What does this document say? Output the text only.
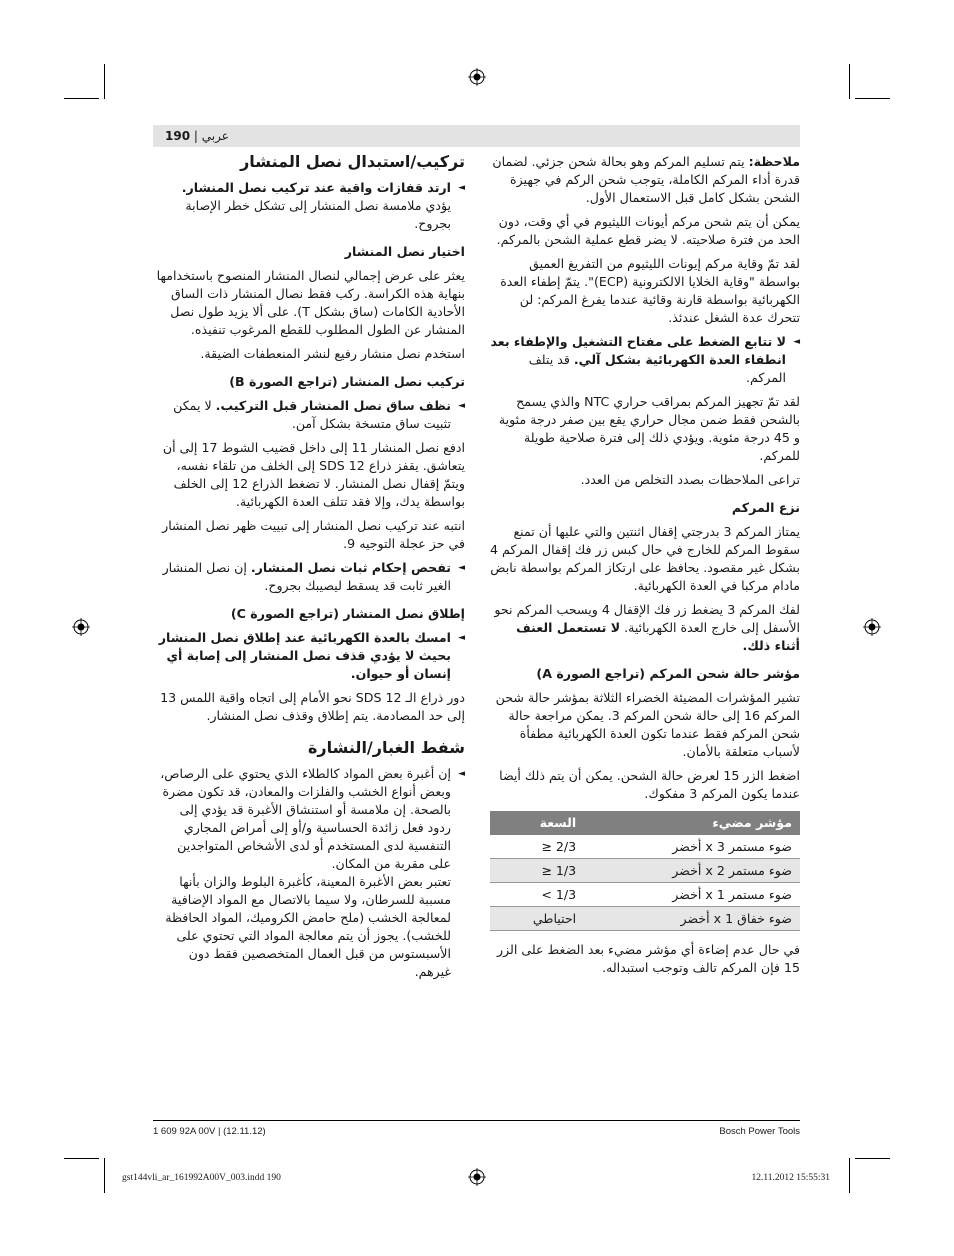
190 | عربي

ملاحظة: يتم تسليم المركم وهو بحالة شحن جزئي. لضمان قدرة أداء المركم الكاملة، يتوجب شحن الركم في جهيزة الشحن بشكل كامل قبل الاستعمال الأول.

يمكن أن يتم شحن مركم أيونات الليثيوم في أي وقت، دون الحد من فترة صلاحيته. لا يضر قطع عملية الشحن بالمركم.

لقد تمّ وقاية مركم إيونات الليثيوم من التفريغ العميق بواسطة "وقاية الخلايا الالكترونية (ECP)". يتمّ إطفاء العدة الكهربائية بواسطة قارنة وقائية عندما يفرغ المركم: لن تتحرك عدة الشغل عندئذ.

◄ لا تتابع الضغط على مفتاح التشغيل والإطفاء بعد انطفاء العدة الكهربائية بشكل آلي. قد يتلف المركم.

لقد تمّ تجهيز المركم بمراقب حراري NTC والذي يسمح بالشحن فقط ضمن مجال حراري يقع بين صفر درجة مئوية و 45 درجة مئوية. ويؤدي ذلك إلى فترة صلاحية طويلة للمركم.

تراعى الملاحظات بصدد التخلص من العدد.

نزع المركم

يمتاز المركم 3 بدرجتي إقفال اثنتين والتي عليها أن تمنع سقوط المركم للخارج في حال كبس زر فك إقفال المركم 4 بشكل غير مقصود. يحافظ على ارتكاز المركم بواسطة نابض مادام مركبا في العدة الكهربائية.

لفك المركم 3 يضغط زر فك الإقفال 4 ويسحب المركم نحو الأسفل إلى خارج العدة الكهربائية. لا تستعمل العنف أثناء ذلك.

مؤشر حالة شحن المركم (تراجع الصورة A)

تشير المؤشرات المضيئة الخضراء الثلاثة بمؤشر حالة شحن المركم 16 إلى حالة شحن المركم 3. يمكن مراجعة حالة شحن المركم فقط عندما تكون العدة الكهربائية مطفأة لأسباب متعلقة بالأمان.

اضغط الزر 15 لعرض حالة الشحن. يمكن أن يتم ذلك أيضا عندما يكون المركم 3 مفكوك.

مؤشر مضيء	السعة
ضوء مستمر 3 x أخضر	≥ 2/3
ضوء مستمر 2 x أخضر	≥ 1/3
ضوء مستمر 1 x أخضر	< 1/3
ضوء خفاق 1 x أخضر	احتياطي

في حال عدم إضاءة أي مؤشر مضيء بعد الضغط على الزر 15 فإن المركم تالف وتوجب استبداله.

تركيب/استبدال نصل المنشار
◄ ارتد قفازات واقية عند تركيب نصل المنشار. يؤدي ملامسة نصل المنشار إلى تشكل خطر الإصابة بجروح.
اختيار نصل المنشار

يعثر على عرض إجمالي لنصال المنشار المنصوح باستخدامها بنهاية هذه الكراسة. ركب فقط نصال المنشار ذات الساق الأحادية الكامات (ساق بشكل T). على ألا يزيد طول نصل المنشار عن الطول المطلوب للقطع المرغوب تنفيذه.

استخدم نصل منشار رفيع لنشر المنعطفات الضيقة.

تركيب نصل المنشار (تراجع الصورة B)
◄ نظف ساق نصل المنشار قبل التركيب. لا يمكن تثبيت ساق متسخة بشكل آمن.

ادفع نصل المنشار 11 إلى داخل قضيب الشوط 17 إلى أن يتعاشق. يقفز ذراع SDS 12 إلى الخلف من تلقاء نفسه، ويتمّ إقفال نصل المنشار. لا تضغط الذراع 12 إلى الخلف بواسطة يدك، وإلا فقد تتلف العدة الكهربائية.

انتبه عند تركيب نصل المنشار إلى تبييت ظهر نصل المنشار في حز عجلة التوجيه 9.

◄ تفحص إحكام ثبات نصل المنشار. إن نصل المنشار الغير ثابت قد يسقط ليصيبك بجروح.
إطلاق نصل المنشار (تراجع الصورة C)
◄ امسك بالعدة الكهربائية عند إطلاق نصل المنشار بحيث لا يؤدي قذف نصل المنشار إلى إصابة أي إنسان أو حيوان.

دور ذراع الـ SDS 12 نحو الأمام إلى اتجاه واقية اللمس 13 إلى حد المصادمة. يتم إطلاق وقذف نصل المنشار.

شفط الغبار/النشارة
◄ إن أغبرة بعض المواد كالطلاء الذي يحتوي على الرصاص، وبعض أنواع الخشب والفلزات والمعادن، قد تكون مضرة بالصحة. إن ملامسة أو استنشاق الأغبرة قد يؤدي إلى ردود فعل زائدة الحساسية و/أو إلى أمراض المجاري التنفسية لدى المستخدم أو لدى الأشخاص المتواجدين على مقربة من المكان.
تعتبر بعض الأغبرة المعينة، كأغبرة البلوط والزان بأنها مسببة للسرطان، ولا سيما بالاتصال مع المواد الإضافية لمعالجة الخشب (ملح حامض الكروميك، المواد الحافظة للخشب). يجوز أن يتم معالجة المواد التي تحتوي على الأسبستوس من قبل العمال المتخصصين فقط دون غيرهم.
1 609 92A 00V | (12.11.12)	Bosch Power Tools
gst144vli_ar_161992A00V_003.indd 190	12.11.2012 15:55:31
